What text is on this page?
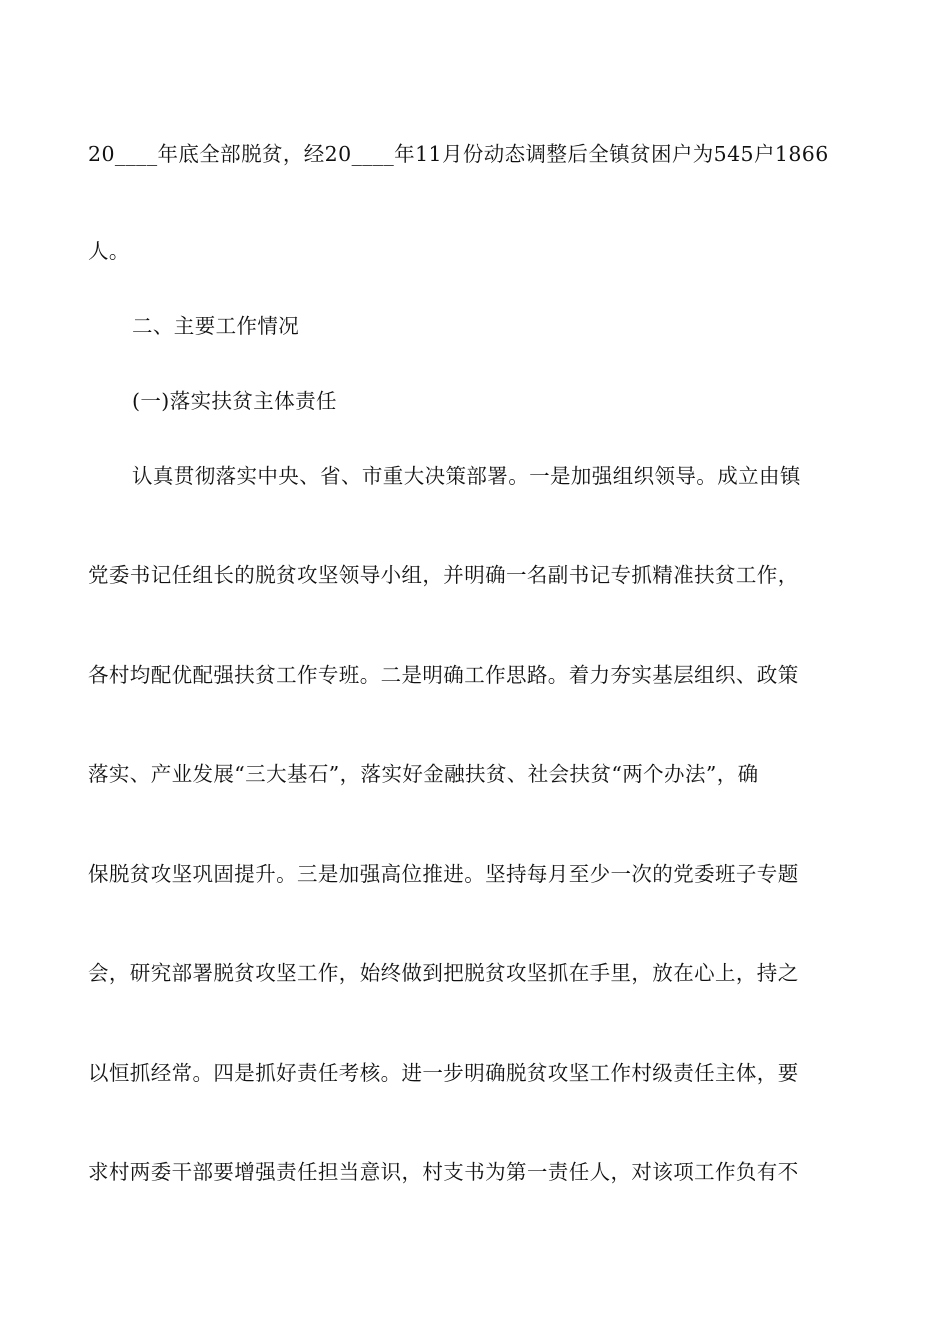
20____年底全部脱贫，经20____年11月份动态调整后全镇贫困户为545户1866
人。
二、主要工作情况
(一)落实扶贫主体责任
认真贯彻落实中央、省、市重大决策部署。一是加强组织领导。成立由镇
党委书记任组长的脱贫攻坚领导小组，并明确一名副书记专抓精准扶贫工作，
各村均配优配强扶贫工作专班。二是明确工作思路。着力夯实基层组织、政策
落实、产业发展“三大基石”，落实好金融扶贫、社会扶贫“两个办法”，确
保脱贫攻坚巩固提升。三是加强高位推进。坚持每月至少一次的党委班子专题
会，研究部署脱贫攻坚工作，始终做到把脱贫攻坚抓在手里，放在心上，持之
以恒抓经常。四是抓好责任考核。进一步明确脱贫攻坚工作村级责任主体，要
求村两委干部要增强责任担当意识，村支书为第一责任人，对该项工作负有不
